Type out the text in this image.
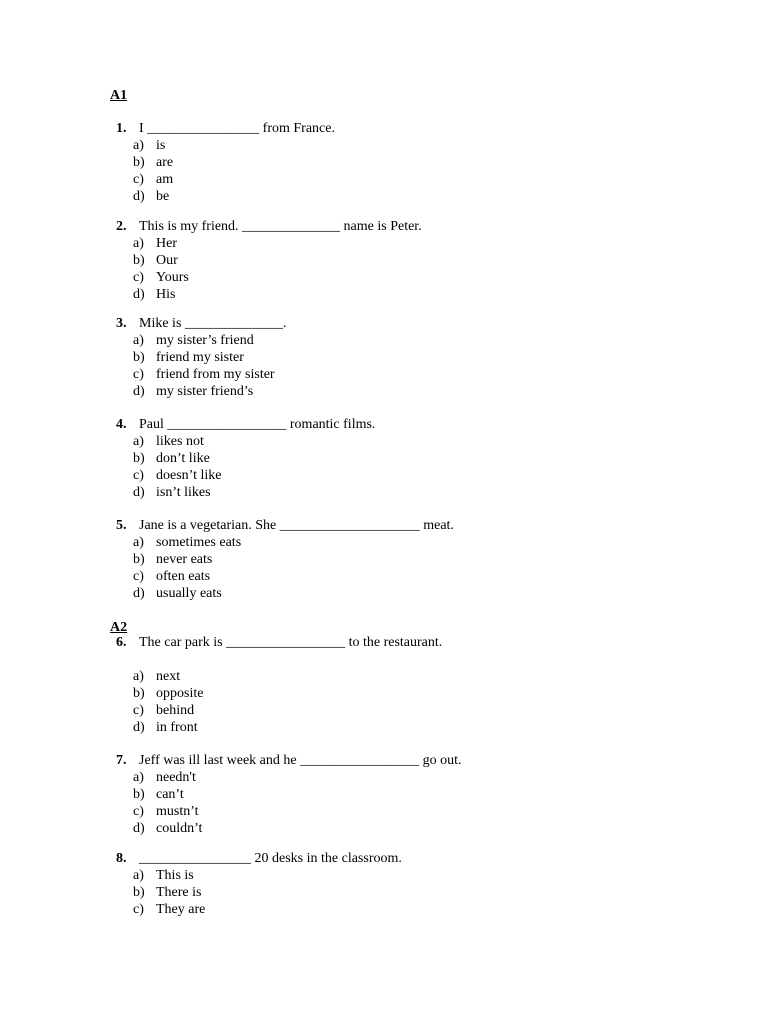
A1
1. I ________________ from France.
a) is
b) are
c) am
d) be
2. This is my friend. ______________ name is Peter.
a) Her
b) Our
c) Yours
d) His
3. Mike is ______________.
a) my sister’s friend
b) friend my sister
c) friend from my sister
d) my sister friend’s
4. Paul _________________ romantic films.
a) likes not
b) don’t like
c) doesn’t like
d) isn’t likes
5. Jane is a vegetarian. She ____________________ meat.
a) sometimes eats
b) never eats
c) often eats
d) usually eats
A2
6. The car park is _________________ to the restaurant.
a) next
b) opposite
c) behind
d) in front
7. Jeff was ill last week and he _________________ go out.
a) needn't
b) can’t
c) mustn’t
d) couldn’t
8. ________________ 20 desks in the classroom.
a) This is
b) There is
c) They are
